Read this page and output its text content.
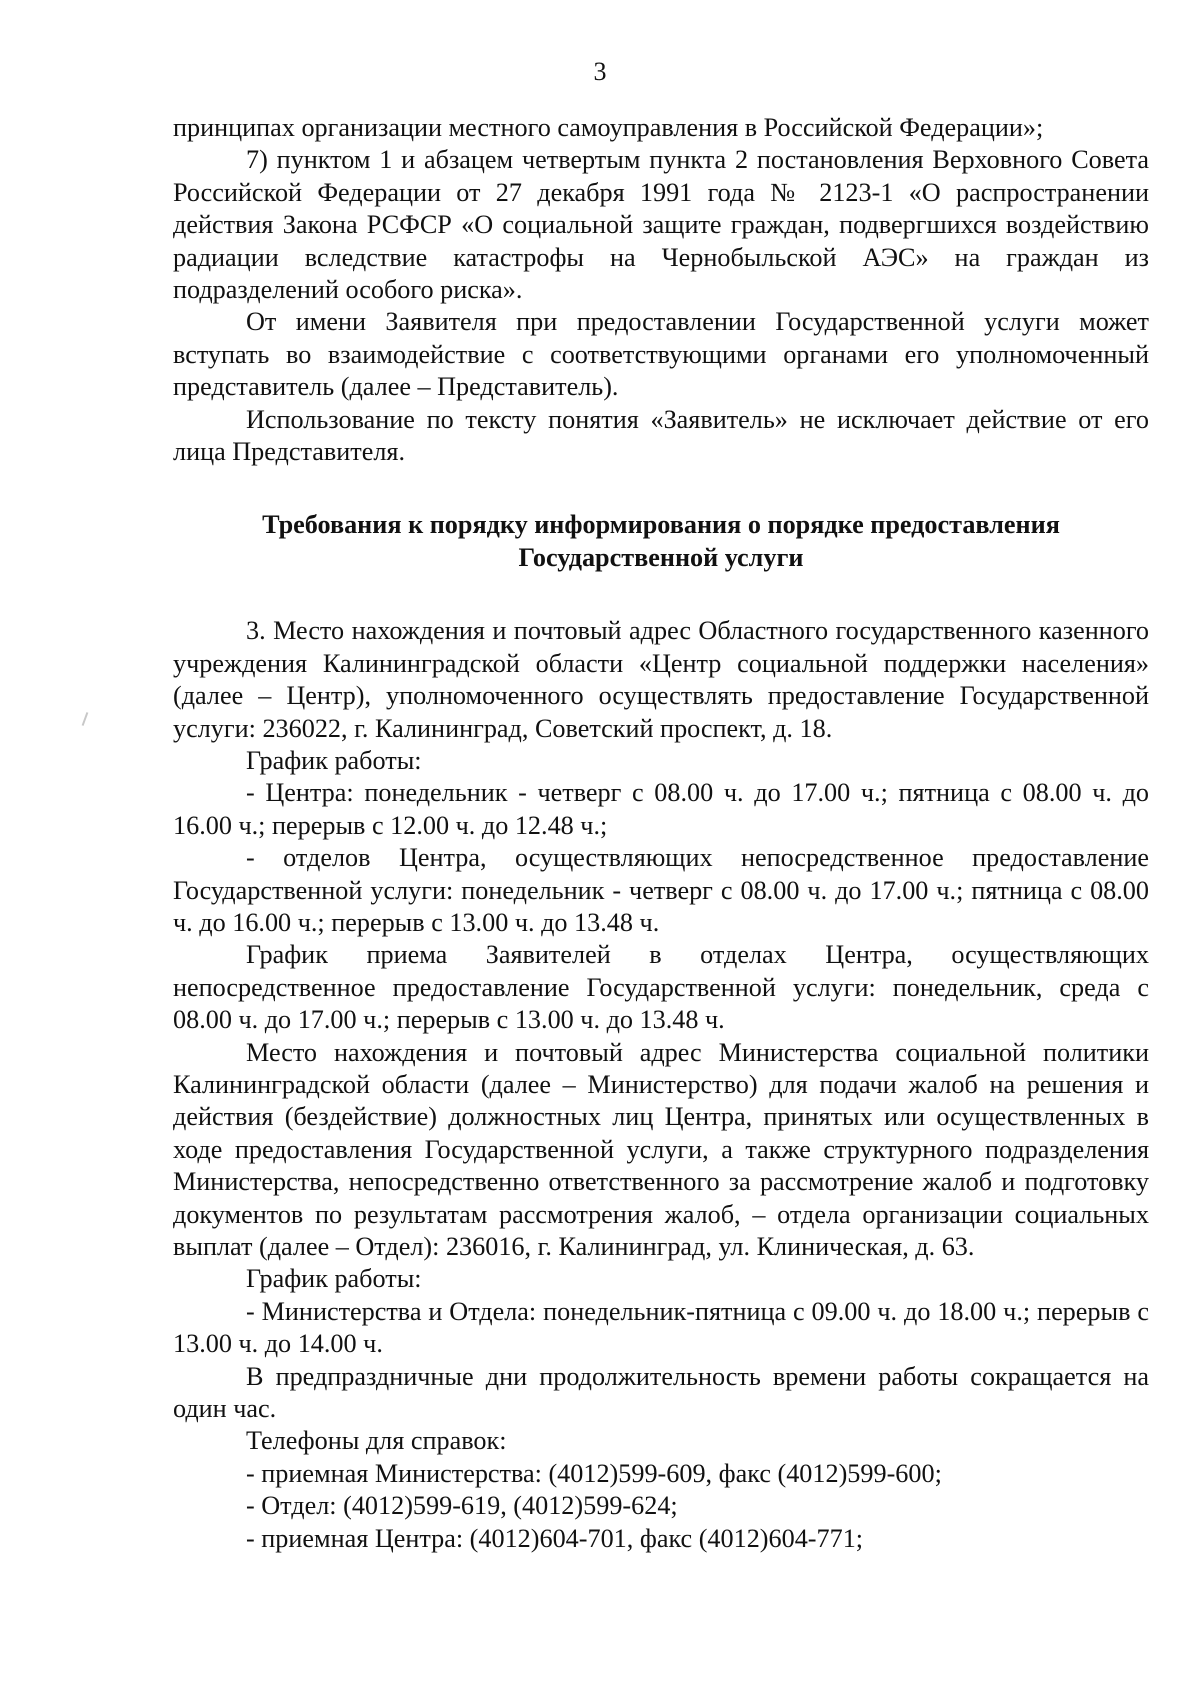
3

принципах организации местного самоуправления в Российской Федерации»;

7) пунктом 1 и абзацем четвертым пункта 2 постановления Верховного Совета Российской Федерации от 27 декабря 1991 года № 2123-1 «О распространении действия Закона РСФСР «О социальной защите граждан, подвергшихся воздействию радиации вследствие катастрофы на Чернобыльской АЭС» на граждан из подразделений особого риска».

От имени Заявителя при предоставлении Государственной услуги может вступать во взаимодействие с соответствующими органами его уполномоченный представитель (далее – Представитель).

Использование по тексту понятия «Заявитель» не исключает действие от его лица Представителя.

Требования к порядку информирования о порядке предоставления
Государственной услуги

3. Место нахождения и почтовый адрес Областного государственного казенного учреждения Калининградской области «Центр социальной поддержки населения» (далее – Центр), уполномоченного осуществлять предоставление Государственной услуги: 236022, г. Калининград, Советский проспект, д. 18.

График работы:

- Центра: понедельник - четверг с 08.00 ч. до 17.00 ч.; пятница с 08.00 ч. до 16.00 ч.; перерыв с 12.00 ч. до 12.48 ч.;

- отделов Центра, осуществляющих непосредственное предоставление Государственной услуги: понедельник - четверг с 08.00 ч. до 17.00 ч.; пятница с 08.00 ч. до 16.00 ч.; перерыв с 13.00 ч. до 13.48 ч.

График приема Заявителей в отделах Центра, осуществляющих непосредственное предоставление Государственной услуги: понедельник, среда с 08.00 ч. до 17.00 ч.; перерыв с 13.00 ч. до 13.48 ч.

Место нахождения и почтовый адрес Министерства социальной политики Калининградской области (далее – Министерство) для подачи жалоб на решения и действия (бездействие) должностных лиц Центра, принятых или осуществленных в ходе предоставления Государственной услуги, а также структурного подразделения Министерства, непосредственно ответственного за рассмотрение жалоб и подготовку документов по результатам рассмотрения жалоб, – отдела организации социальных выплат (далее – Отдел): 236016, г. Калининград, ул. Клиническая, д. 63.

График работы:

- Министерства и Отдела: понедельник-пятница с 09.00 ч. до 18.00 ч.; перерыв с 13.00 ч. до 14.00 ч.

В предпраздничные дни продолжительность времени работы сокращается на один час.

Телефоны для справок:

- приемная Министерства: (4012)599-609, факс (4012)599-600;

- Отдел: (4012)599-619, (4012)599-624;

- приемная Центра: (4012)604-701, факс (4012)604-771;
